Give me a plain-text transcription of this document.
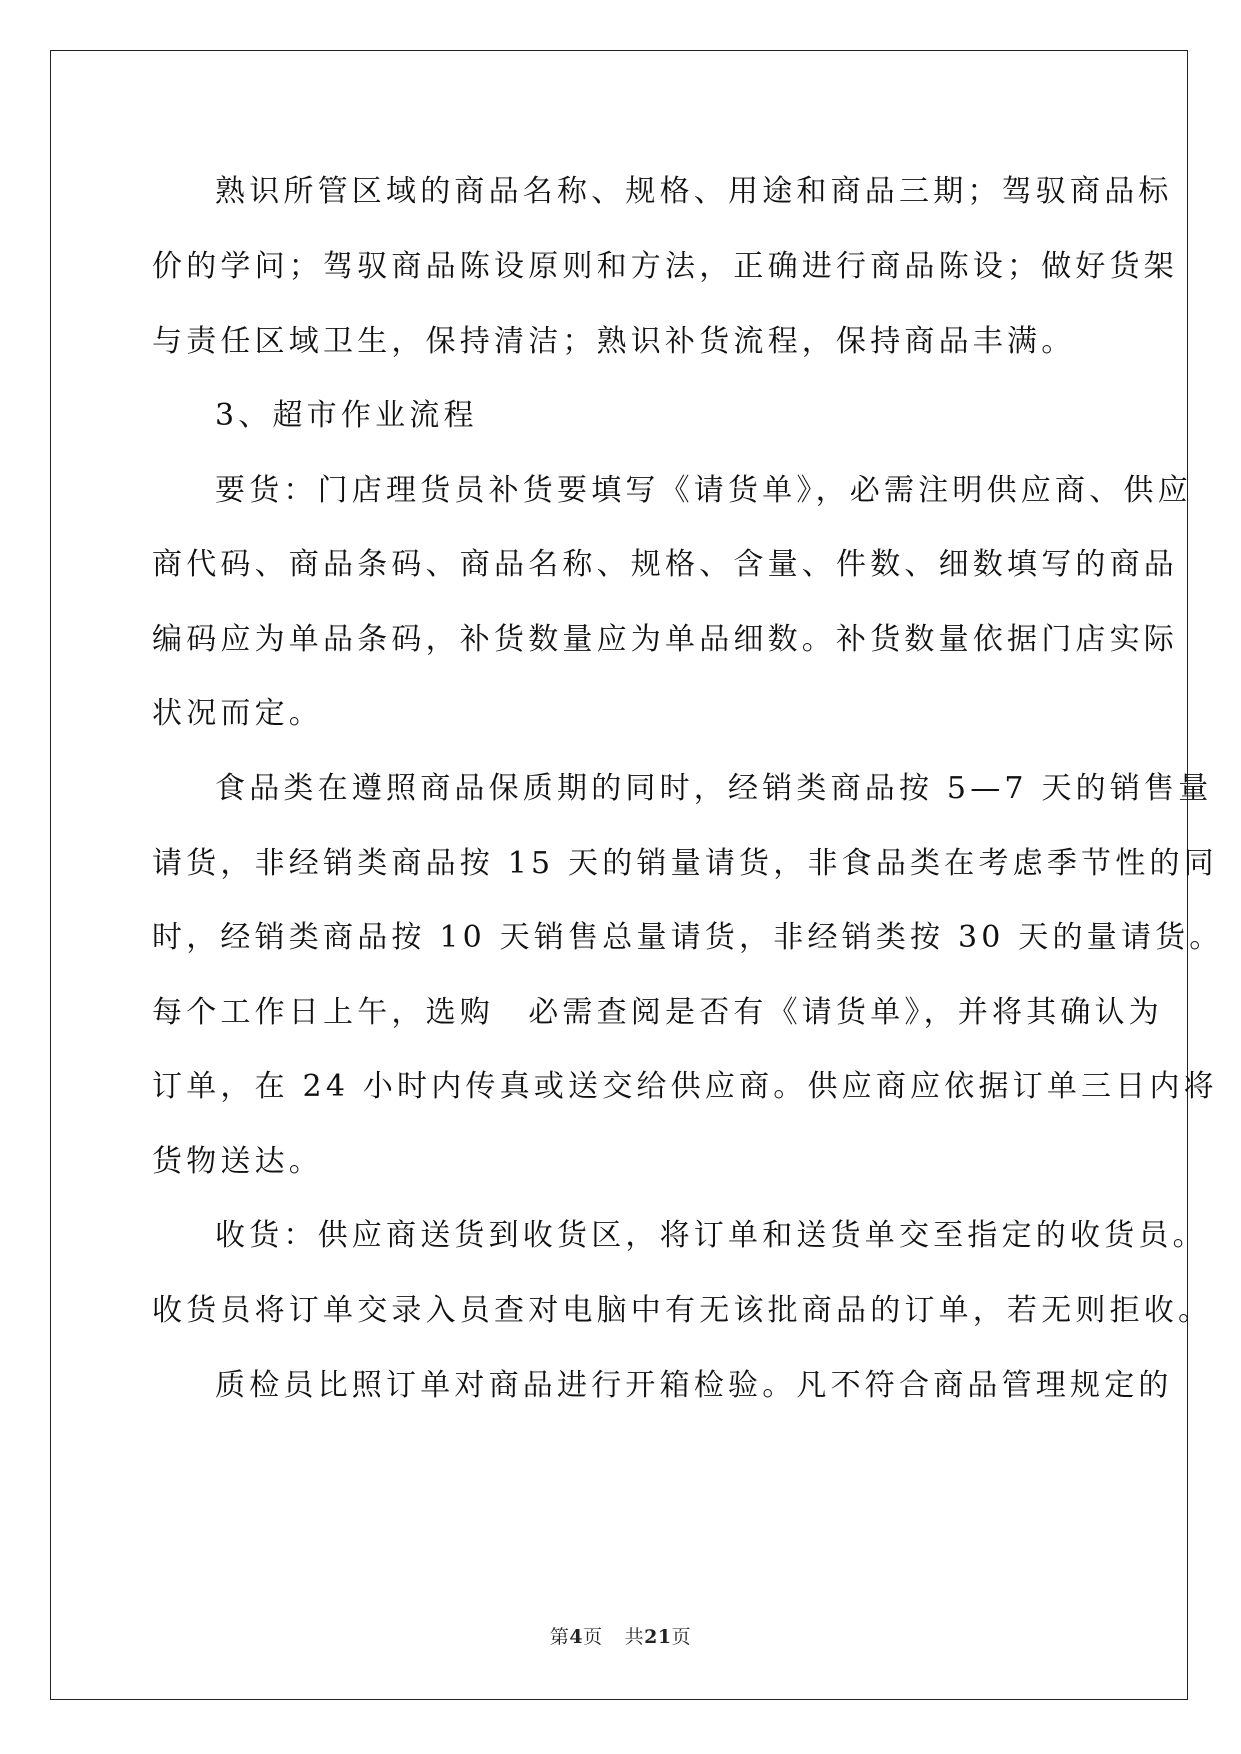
熟识所管区域的商品名称、规格、用途和商品三期；驾驭商品标
价的学问；驾驭商品陈设原则和方法，正确进行商品陈设；做好货架
与责任区域卫生，保持清洁；熟识补货流程，保持商品丰满。
3、超市作业流程
要货：门店理货员补货要填写《请货单》，必需注明供应商、供应
商代码、商品条码、商品名称、规格、含量、件数、细数填写的商品
编码应为单品条码，补货数量应为单品细数。补货数量依据门店实际
状况而定。
食品类在遵照商品保质期的同时，经销类商品按 5—7 天的销售量
请货，非经销类商品按 15 天的销量请货，非食品类在考虑季节性的同
时，经销类商品按 10 天销售总量请货，非经销类按 30 天的量请货。
每个工作日上午，选购　必需查阅是否有《请货单》，并将其确认为
订单，在 24 小时内传真或送交给供应商。供应商应依据订单三日内将
货物送达。
收货：供应商送货到收货区，将订单和送货单交至指定的收货员。
收货员将订单交录入员查对电脑中有无该批商品的订单，若无则拒收。
质检员比照订单对商品进行开箱检验。凡不符合商品管理规定的
第4页 共21页
